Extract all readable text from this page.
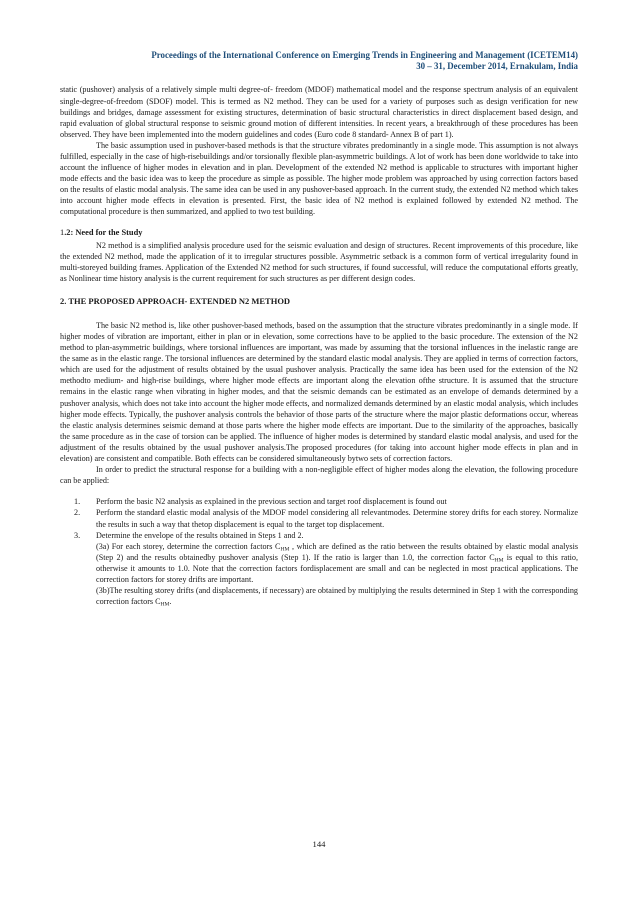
Proceedings of the International Conference on Emerging Trends in Engineering and Management (ICETEM14)
30 – 31, December 2014, Ernakulam, India

static (pushover) analysis of a relatively simple multi degree-of- freedom (MDOF) mathematical model and the response spectrum analysis of an equivalent single-degree-of-freedom (SDOF) model. This is termed as N2 method. They can be used for a variety of purposes such as design verification for new buildings and bridges, damage assessment for existing structures, determination of basic structural characteristics in direct displacement based design, and rapid evaluation of global structural response to seismic ground motion of different intensities. In recent years, a breakthrough of these procedures has been observed. They have been implemented into the modern guidelines and codes (Euro code 8 standard- Annex B of part 1).

The basic assumption used in pushover-based methods is that the structure vibrates predominantly in a single mode. This assumption is not always fulfilled, especially in the case of high-risebuildings and/or torsionally flexible plan-asymmetric buildings. A lot of work has been done worldwide to take into account the influence of higher modes in elevation and in plan. Development of the extended N2 method is applicable to structures with important higher mode effects and the basic idea was to keep the procedure as simple as possible. The higher mode problem was approached by using correction factors based on the results of elastic modal analysis. The same idea can be used in any pushover-based approach. In the current study, the extended N2 method which takes into account higher mode effects in elevation is presented. First, the basic idea of N2 method is explained followed by extended N2 method. The computational procedure is then summarized, and applied to two test building.

1.2: Need for the Study

N2 method is a simplified analysis procedure used for the seismic evaluation and design of structures. Recent improvements of this procedure, like the extended N2 method, made the application of it to irregular structures possible. Asymmetric setback is a common form of vertical irregularity found in multi-storeyed building frames. Application of the Extended N2 method for such structures, if found successful, will reduce the computational efforts greatly, as Nonlinear time history analysis is the current requirement for such structures as per different design codes.

2. THE PROPOSED APPROACH- EXTENDED N2 METHOD

The basic N2 method is, like other pushover-based methods, based on the assumption that the structure vibrates predominantly in a single mode. If higher modes of vibration are important, either in plan or in elevation, some corrections have to be applied to the basic procedure. The extension of the N2 method to plan-asymmetric buildings, where torsional influences are important, was made by assuming that the torsional influences in the inelastic range are the same as in the elastic range. The torsional influences are determined by the standard elastic modal analysis. They are applied in terms of correction factors, which are used for the adjustment of results obtained by the usual pushover analysis. Practically the same idea has been used for the extension of the N2 methodto medium- and high-rise buildings, where higher mode effects are important along the elevation ofthe structure. It is assumed that the structure remains in the elastic range when vibrating in higher modes, and that the seismic demands can be estimated as an envelope of demands determined by a pushover analysis, which does not take into account the higher mode effects, and normalized demands determined by an elastic modal analysis, which includes higher mode effects. Typically, the pushover analysis controls the behavior of those parts of the structure where the major plastic deformations occur, whereas the elastic analysis determines seismic demand at those parts where the higher mode effects are important. Due to the similarity of the approaches, basically the same procedure as in the case of torsion can be applied. The influence of higher modes is determined by standard elastic modal analysis, and used for the adjustment of the results obtained by the usual pushover analysis.The proposed procedures (for taking into account higher mode effects in plan and in elevation) are consistent and compatible. Both effects can be considered simultaneously bytwo sets of correction factors.

In order to predict the structural response for a building with a non-negligible effect of higher modes along the elevation, the following procedure can be applied:

1. Perform the basic N2 analysis as explained in the previous section and target roof displacement is found out
2. Perform the standard elastic modal analysis of the MDOF model considering all relevantmodes. Determine storey drifts for each storey. Normalize the results in such a way that thetop displacement is equal to the target top displacement.
3. Determine the envelope of the results obtained in Steps 1 and 2.
(3a) For each storey, determine the correction factors $C_{HM}$ , which are defined as the ratio between the results obtained by elastic modal analysis (Step 2) and the results obtainedby pushover analysis (Step 1). If the ratio is larger than 1.0, the correction factor $C_{HM}$ is equal to this ratio, otherwise it amounts to 1.0. Note that the correction factors fordisplacement are small and can be neglected in most practical applications. The correction factors for storey drifts are important.
(3b)The resulting storey drifts (and displacements, if necessary) are obtained by multiplying the results determined in Step 1 with the corresponding correction factors $C_{HM}$.
144
